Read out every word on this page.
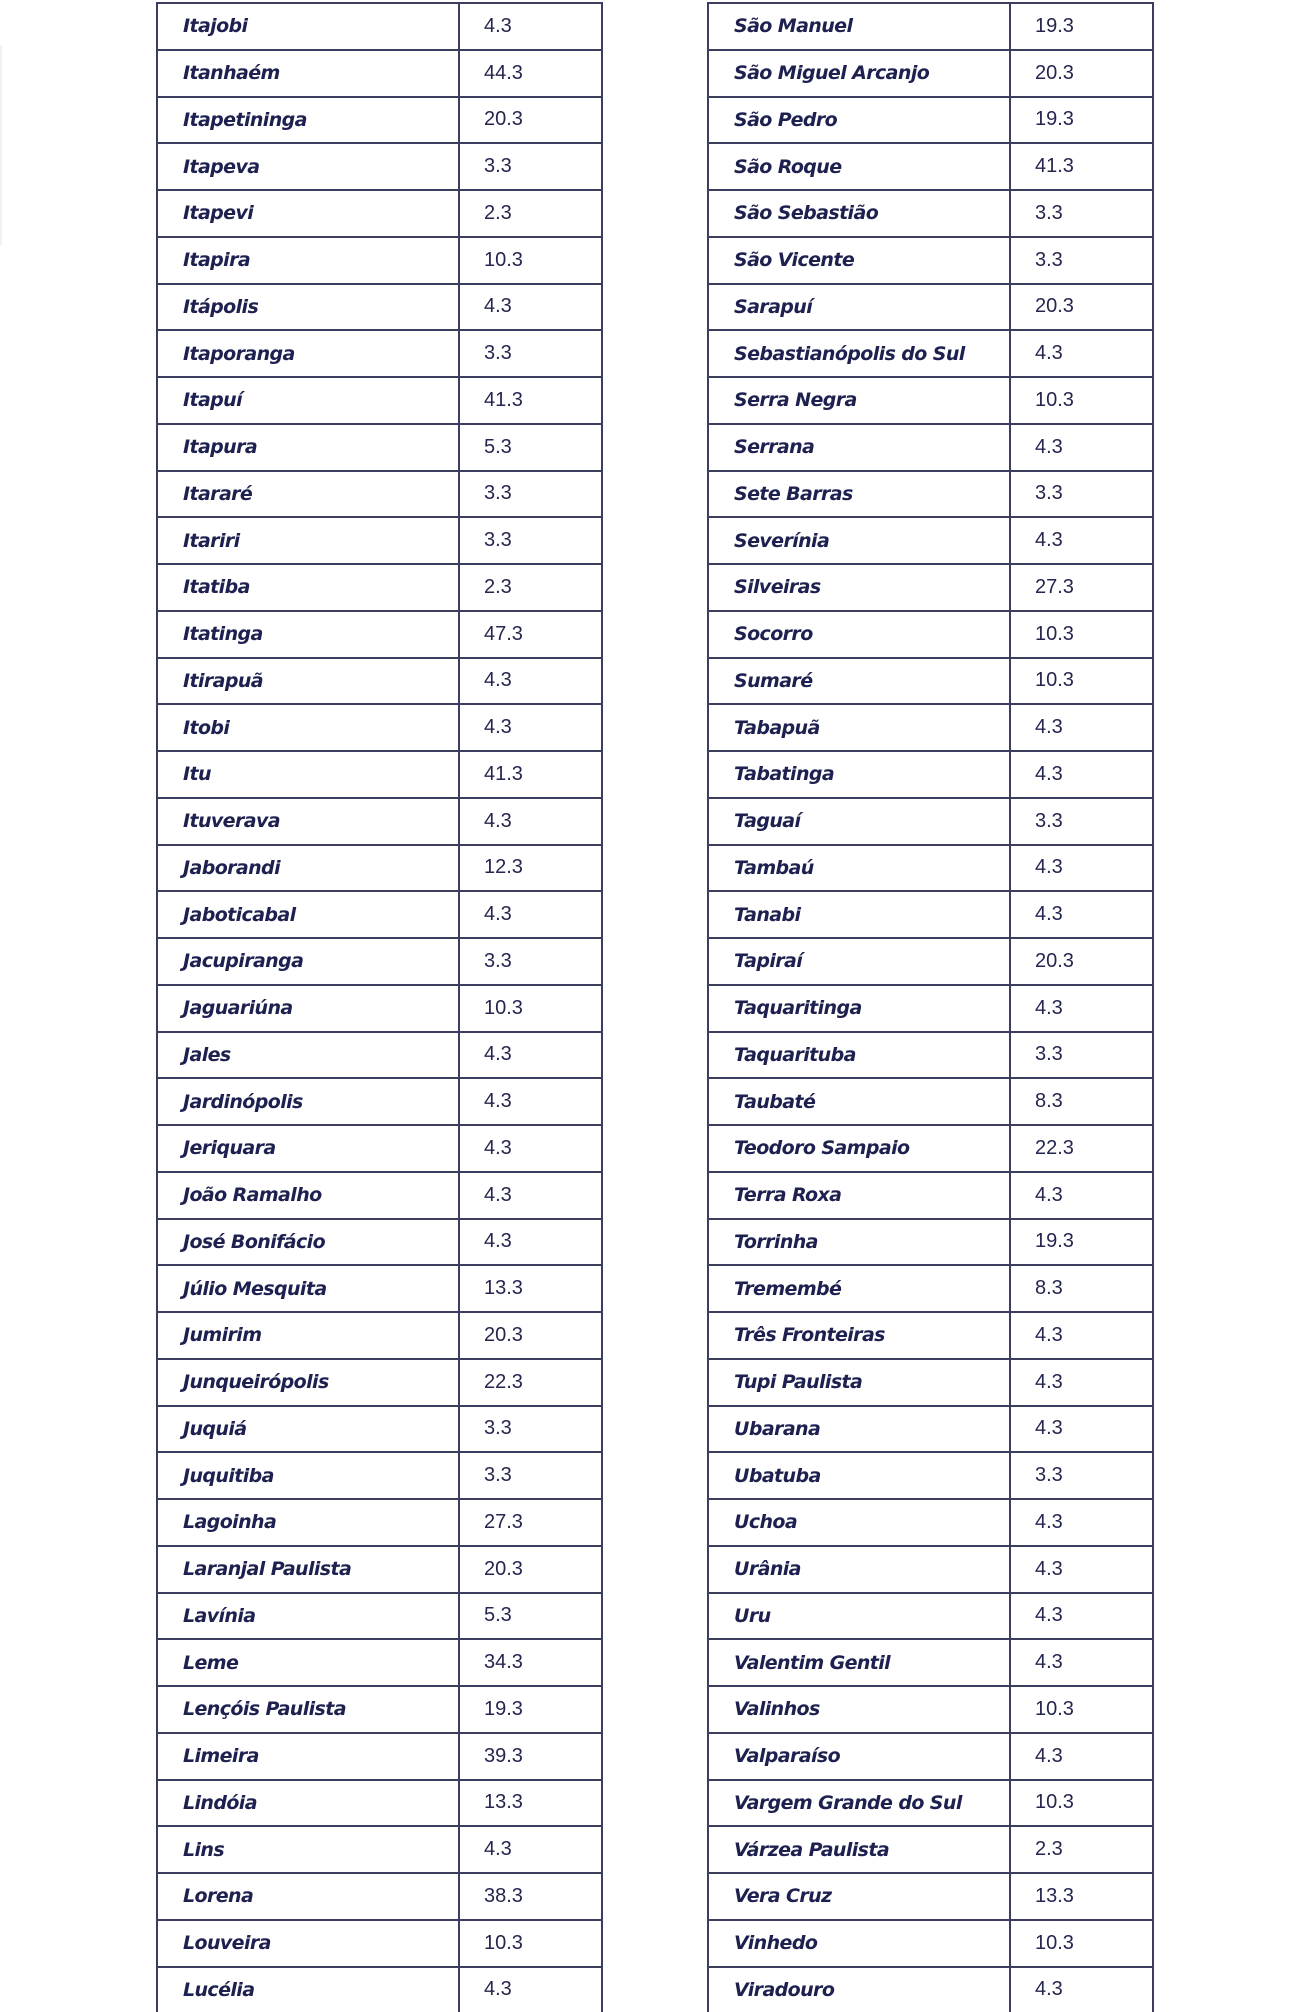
Itajobi	4.3
Itanhaém	44.3
Itapetininga	20.3
Itapeva	3.3
Itapevi	2.3
Itapira	10.3
Itápolis	4.3
Itaporanga	3.3
Itapuí	41.3
Itapura	5.3
Itararé	3.3
Itariri	3.3
Itatiba	2.3
Itatinga	47.3
Itirapuã	4.3
Itobi	4.3
Itu	41.3
Ituverava	4.3
Jaborandi	12.3
Jaboticabal	4.3
Jacupiranga	3.3
Jaguariúna	10.3
Jales	4.3
Jardinópolis	4.3
Jeriquara	4.3
João Ramalho	4.3
José Bonifácio	4.3
Júlio Mesquita	13.3
Jumirim	20.3
Junqueirópolis	22.3
Juquiá	3.3
Juquitiba	3.3
Lagoinha	27.3
Laranjal Paulista	20.3
Lavínia	5.3
Leme	34.3
Lençóis Paulista	19.3
Limeira	39.3
Lindóia	13.3
Lins	4.3
Lorena	38.3
Louveira	10.3
Lucélia	4.3
São Manuel	19.3
São Miguel Arcanjo	20.3
São Pedro	19.3
São Roque	41.3
São Sebastião	3.3
São Vicente	3.3
Sarapuí	20.3
Sebastianópolis do Sul	4.3
Serra Negra	10.3
Serrana	4.3
Sete Barras	3.3
Severínia	4.3
Silveiras	27.3
Socorro	10.3
Sumaré	10.3
Tabapuã	4.3
Tabatinga	4.3
Taguaí	3.3
Tambaú	4.3
Tanabi	4.3
Tapiraí	20.3
Taquaritinga	4.3
Taquarituba	3.3
Taubaté	8.3
Teodoro Sampaio	22.3
Terra Roxa	4.3
Torrinha	19.3
Tremembé	8.3
Três Fronteiras	4.3
Tupi Paulista	4.3
Ubarana	4.3
Ubatuba	3.3
Uchoa	4.3
Urânia	4.3
Uru	4.3
Valentim Gentil	4.3
Valinhos	10.3
Valparaíso	4.3
Vargem Grande do Sul	10.3
Várzea Paulista	2.3
Vera Cruz	13.3
Vinhedo	10.3
Viradouro	4.3
